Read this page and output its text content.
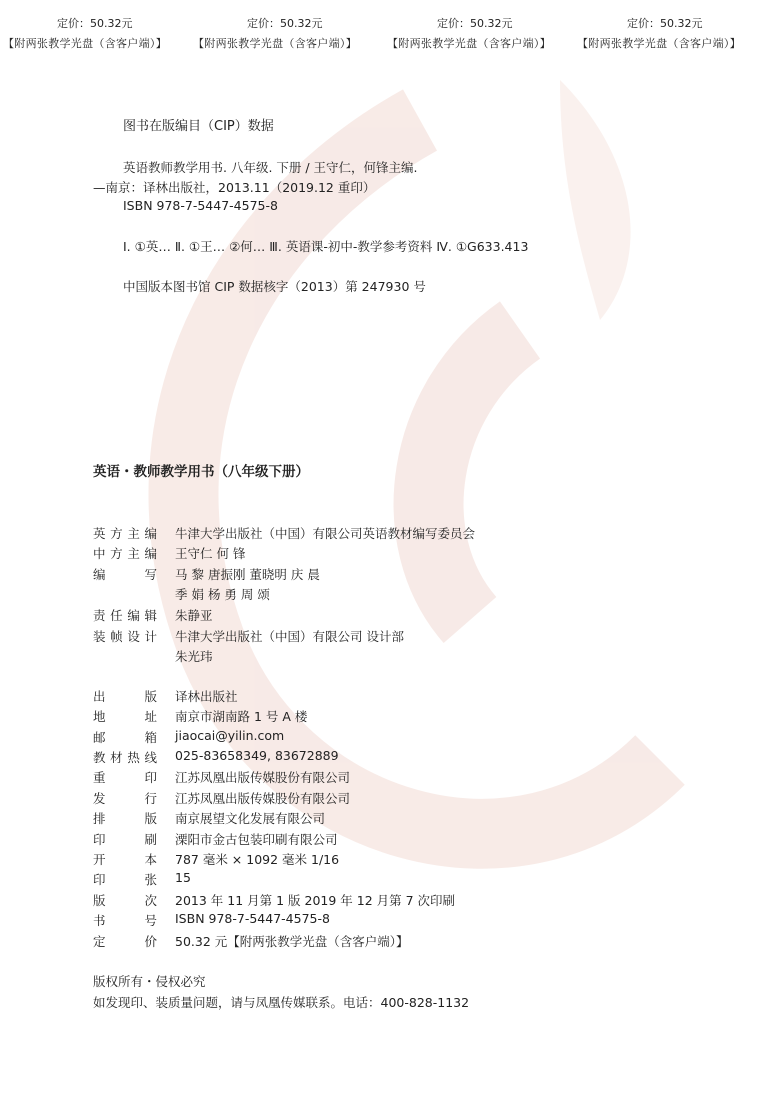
定价：50.32元	定价：50.32元	定价：50.32元	定价：50.32元
【附两张教学光盘（含客户端）】 【附两张教学光盘（含客户端）】	【附两张教学光盘（含客户端）】 【附两张教学光盘（含客户端）】
图书在版编目（CIP）数据
英语教师教学用书. 八年级. 下册 / 王守仁，何锋主编.
—南京：译林出版社，2013.11（2019.12 重印）
ISBN 978-7-5447-4575-8
Ⅰ. ①英… Ⅱ. ①王… ②何… Ⅲ. 英语课-初中-教学参考资料 Ⅳ. ①G633.413
中国版本图书馆 CIP 数据核字（2013）第 247930 号
英语・教师教学用书（八年级下册）
英 方 主 编 牛津大学出版社（中国）有限公司英语教材编写委员会
中 方 主 编 王守仁 何 锋
编	写 马 黎 唐振刚 董晓明 庆 晨
季 娟 杨 勇 周 颂
责 任 编 辑 朱静亚
装 帧 设 计 牛津大学出版社（中国）有限公司 设计部
朱光玮
出	版 译林出版社
地	址 南京市湖南路 1 号 A 楼
邮	箱 jiaocai@yilin.com
教 材 热 线 025-83658349, 83672889
重	印 江苏凤凰出版传媒股份有限公司
发	行 江苏凤凰出版传媒股份有限公司
排	版 南京展望文化发展有限公司
印	刷 溧阳市金古包装印刷有限公司
开	本 787 毫米 × 1092 毫米 1/16
印	张 15
版	次 2013 年 11 月第 1 版 2019 年 12 月第 7 次印刷
书	号 ISBN 978-7-5447-4575-8
定	价 50.32 元【附两张教学光盘（含客户端）】
版权所有・侵权必究
如发现印、装质量问题，请与凤凰传媒联系。电话：400-828-1132
